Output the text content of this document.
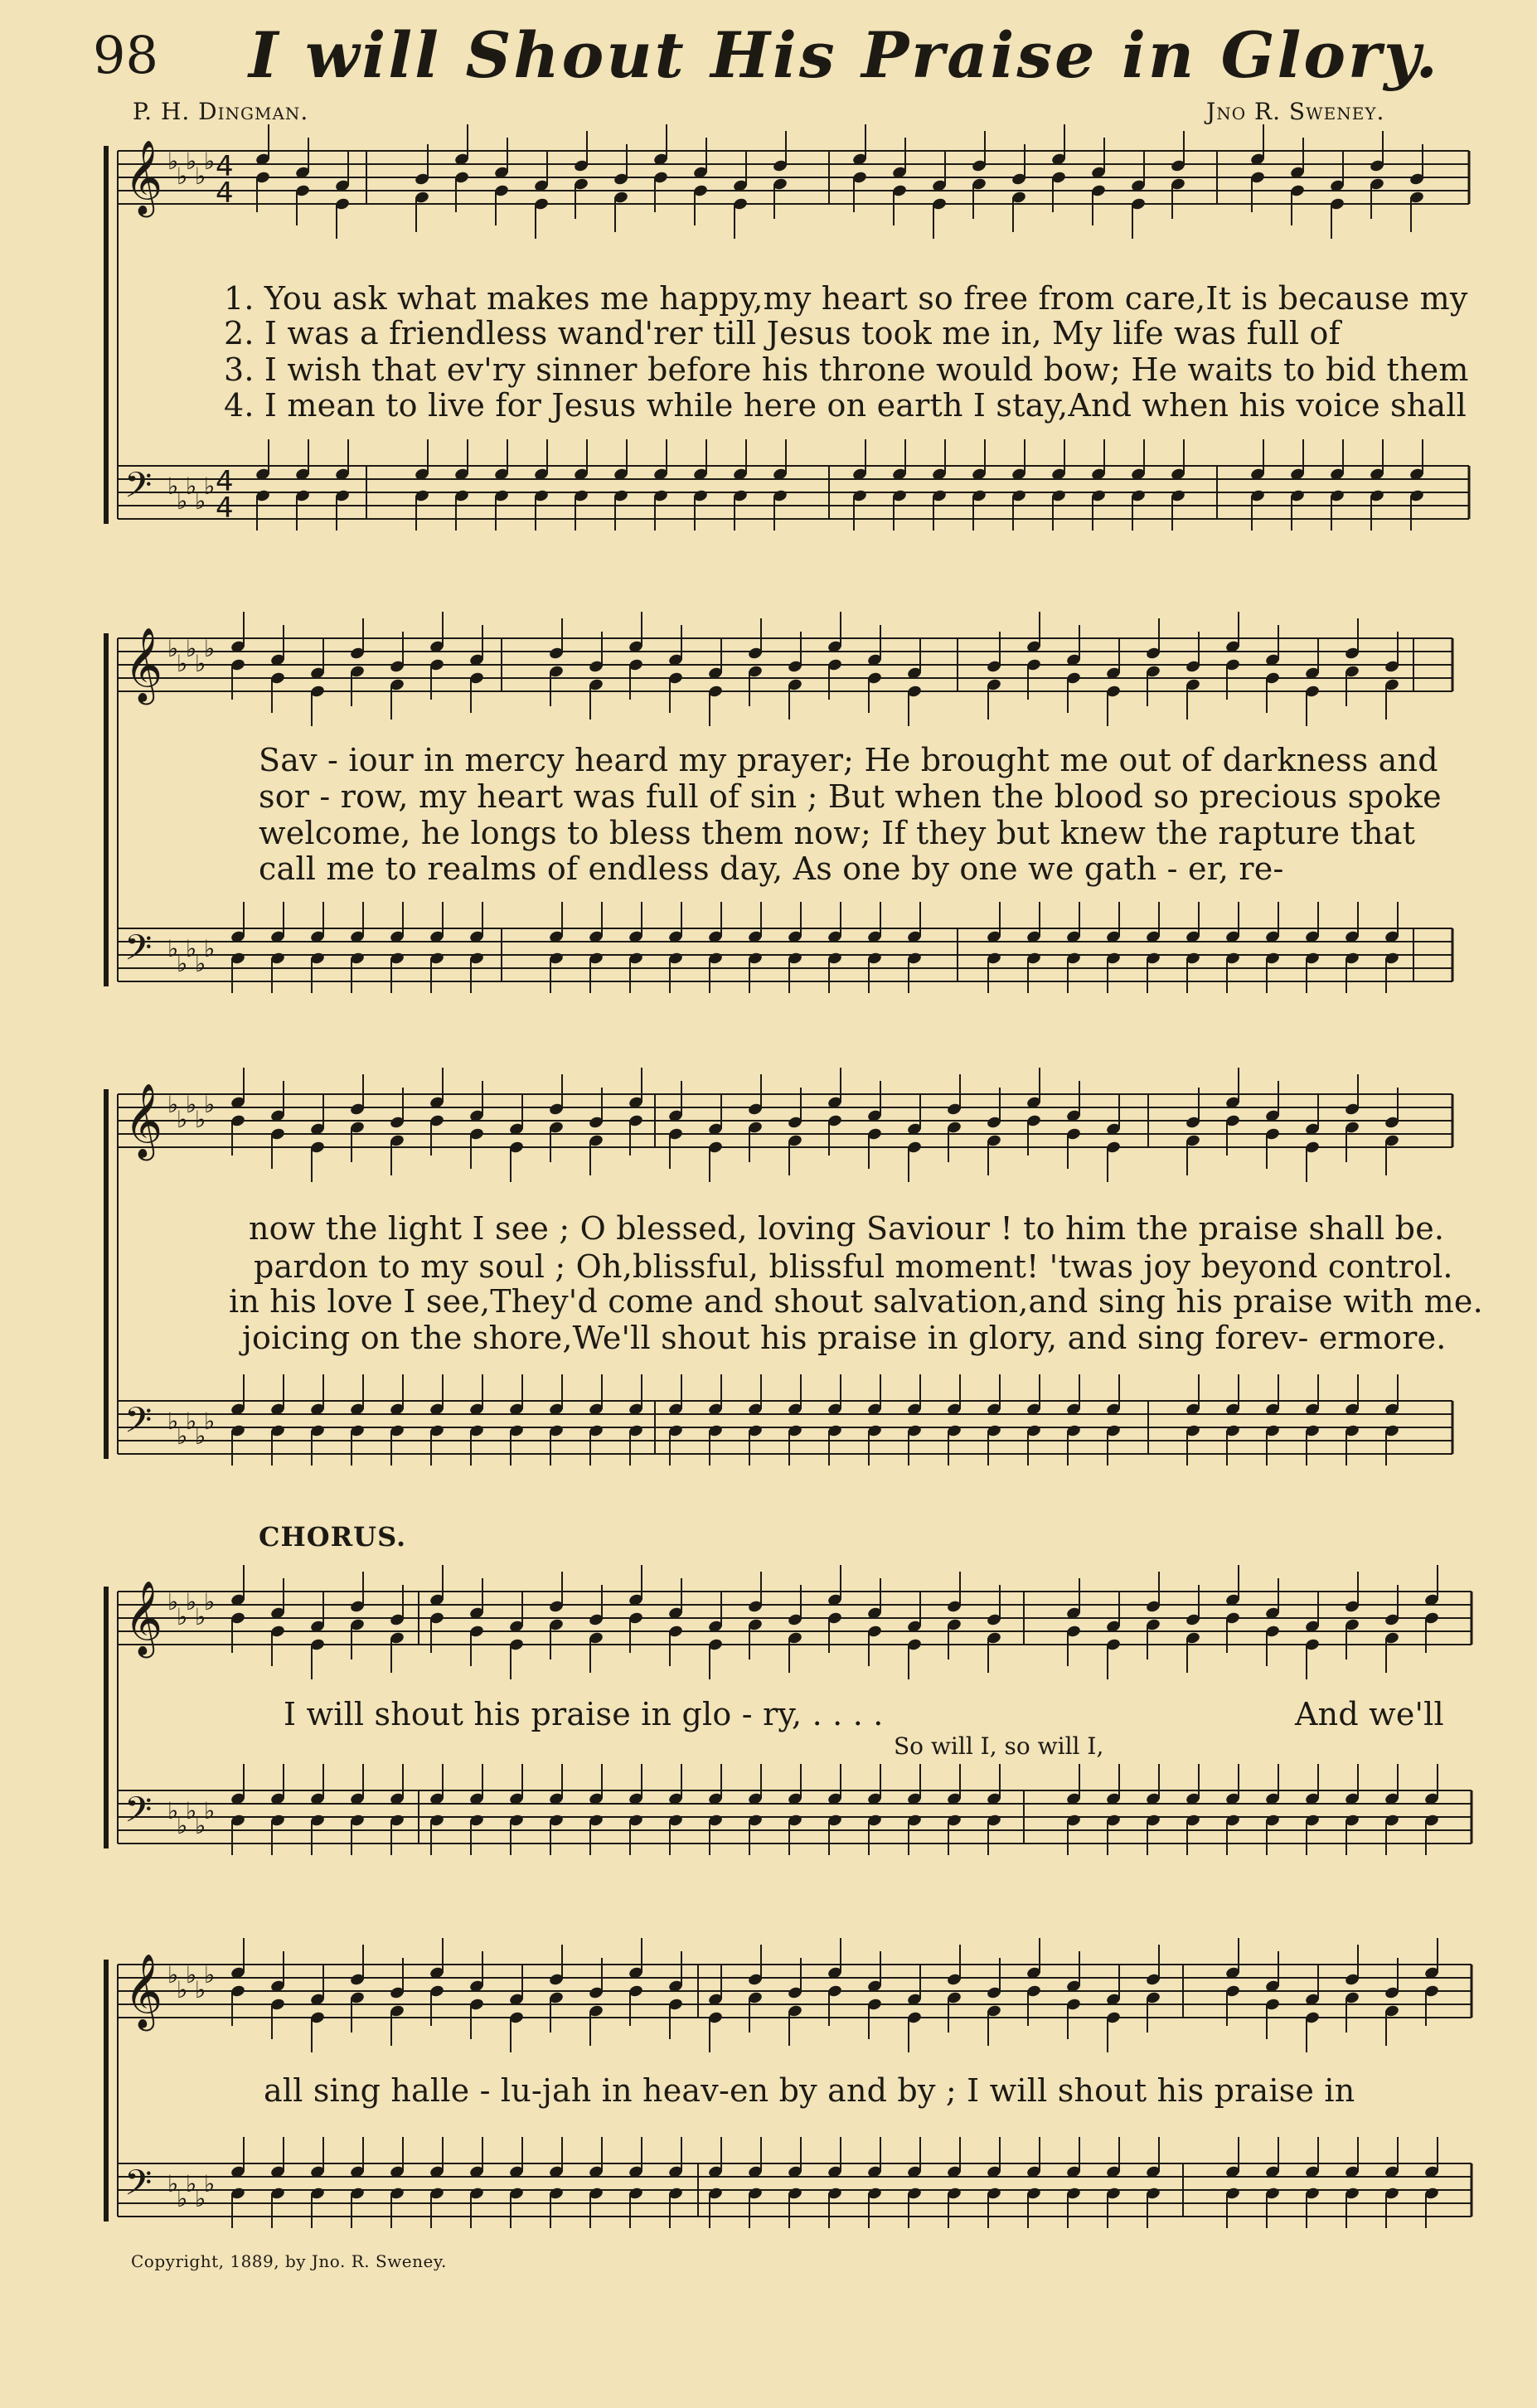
98 I will Shout His Praise in Glory.
P. H. Dingman.	Jno R. Sweney.
𝄞
𝄢
♭
♭
♭
♭
♭
♭
♭
♭
♭
♭
4
4
4
4
𝄞
𝄢
♭
♭
♭
♭
♭
♭
♭
♭
♭
♭
𝄞
𝄢
♭
♭
♭
♭
♭
♭
♭
♭
♭
♭
𝄞
𝄢
♭
♭
♭
♭
♭
♭
♭
♭
♭
♭
𝄞
𝄢
♭
♭
♭
♭
♭
♭
♭
♭
♭
♭
1. You ask what makes me happy,my heart so free from care,It is because my
2. I was a friendless wand'rer till Jesus took me in, My life was full of
3. I wish that ev'ry sinner before his throne would bow; He waits to bid them
4. I mean to live for Jesus while here on earth I stay,And when his voice shall
Sav - iour in mercy heard my prayer; He brought me out of darkness and
sor - row, my heart was full of sin ; But when the blood so precious spoke
welcome, he longs to bless them now; If they but knew the rapture that
call me to realms of endless day, As one by one we gath - er, re-
now the light I see ; O blessed, loving Saviour ! to him the praise shall be.
pardon to my soul ; Oh,blissful, blissful moment! 'twas joy beyond control.
in his love I see,They'd come and shout salvation,and sing his praise with me.
joicing on the shore,We'll shout his praise in glory, and sing forev- ermore.
CHORUS.
I will shout his praise in glo - ry, . . . .	And we'll
So will I, so will I,
all sing halle - lu-jah in heav-en by and by ; I will shout his praise in
Copyright, 1889, by Jno. R. Sweney.
